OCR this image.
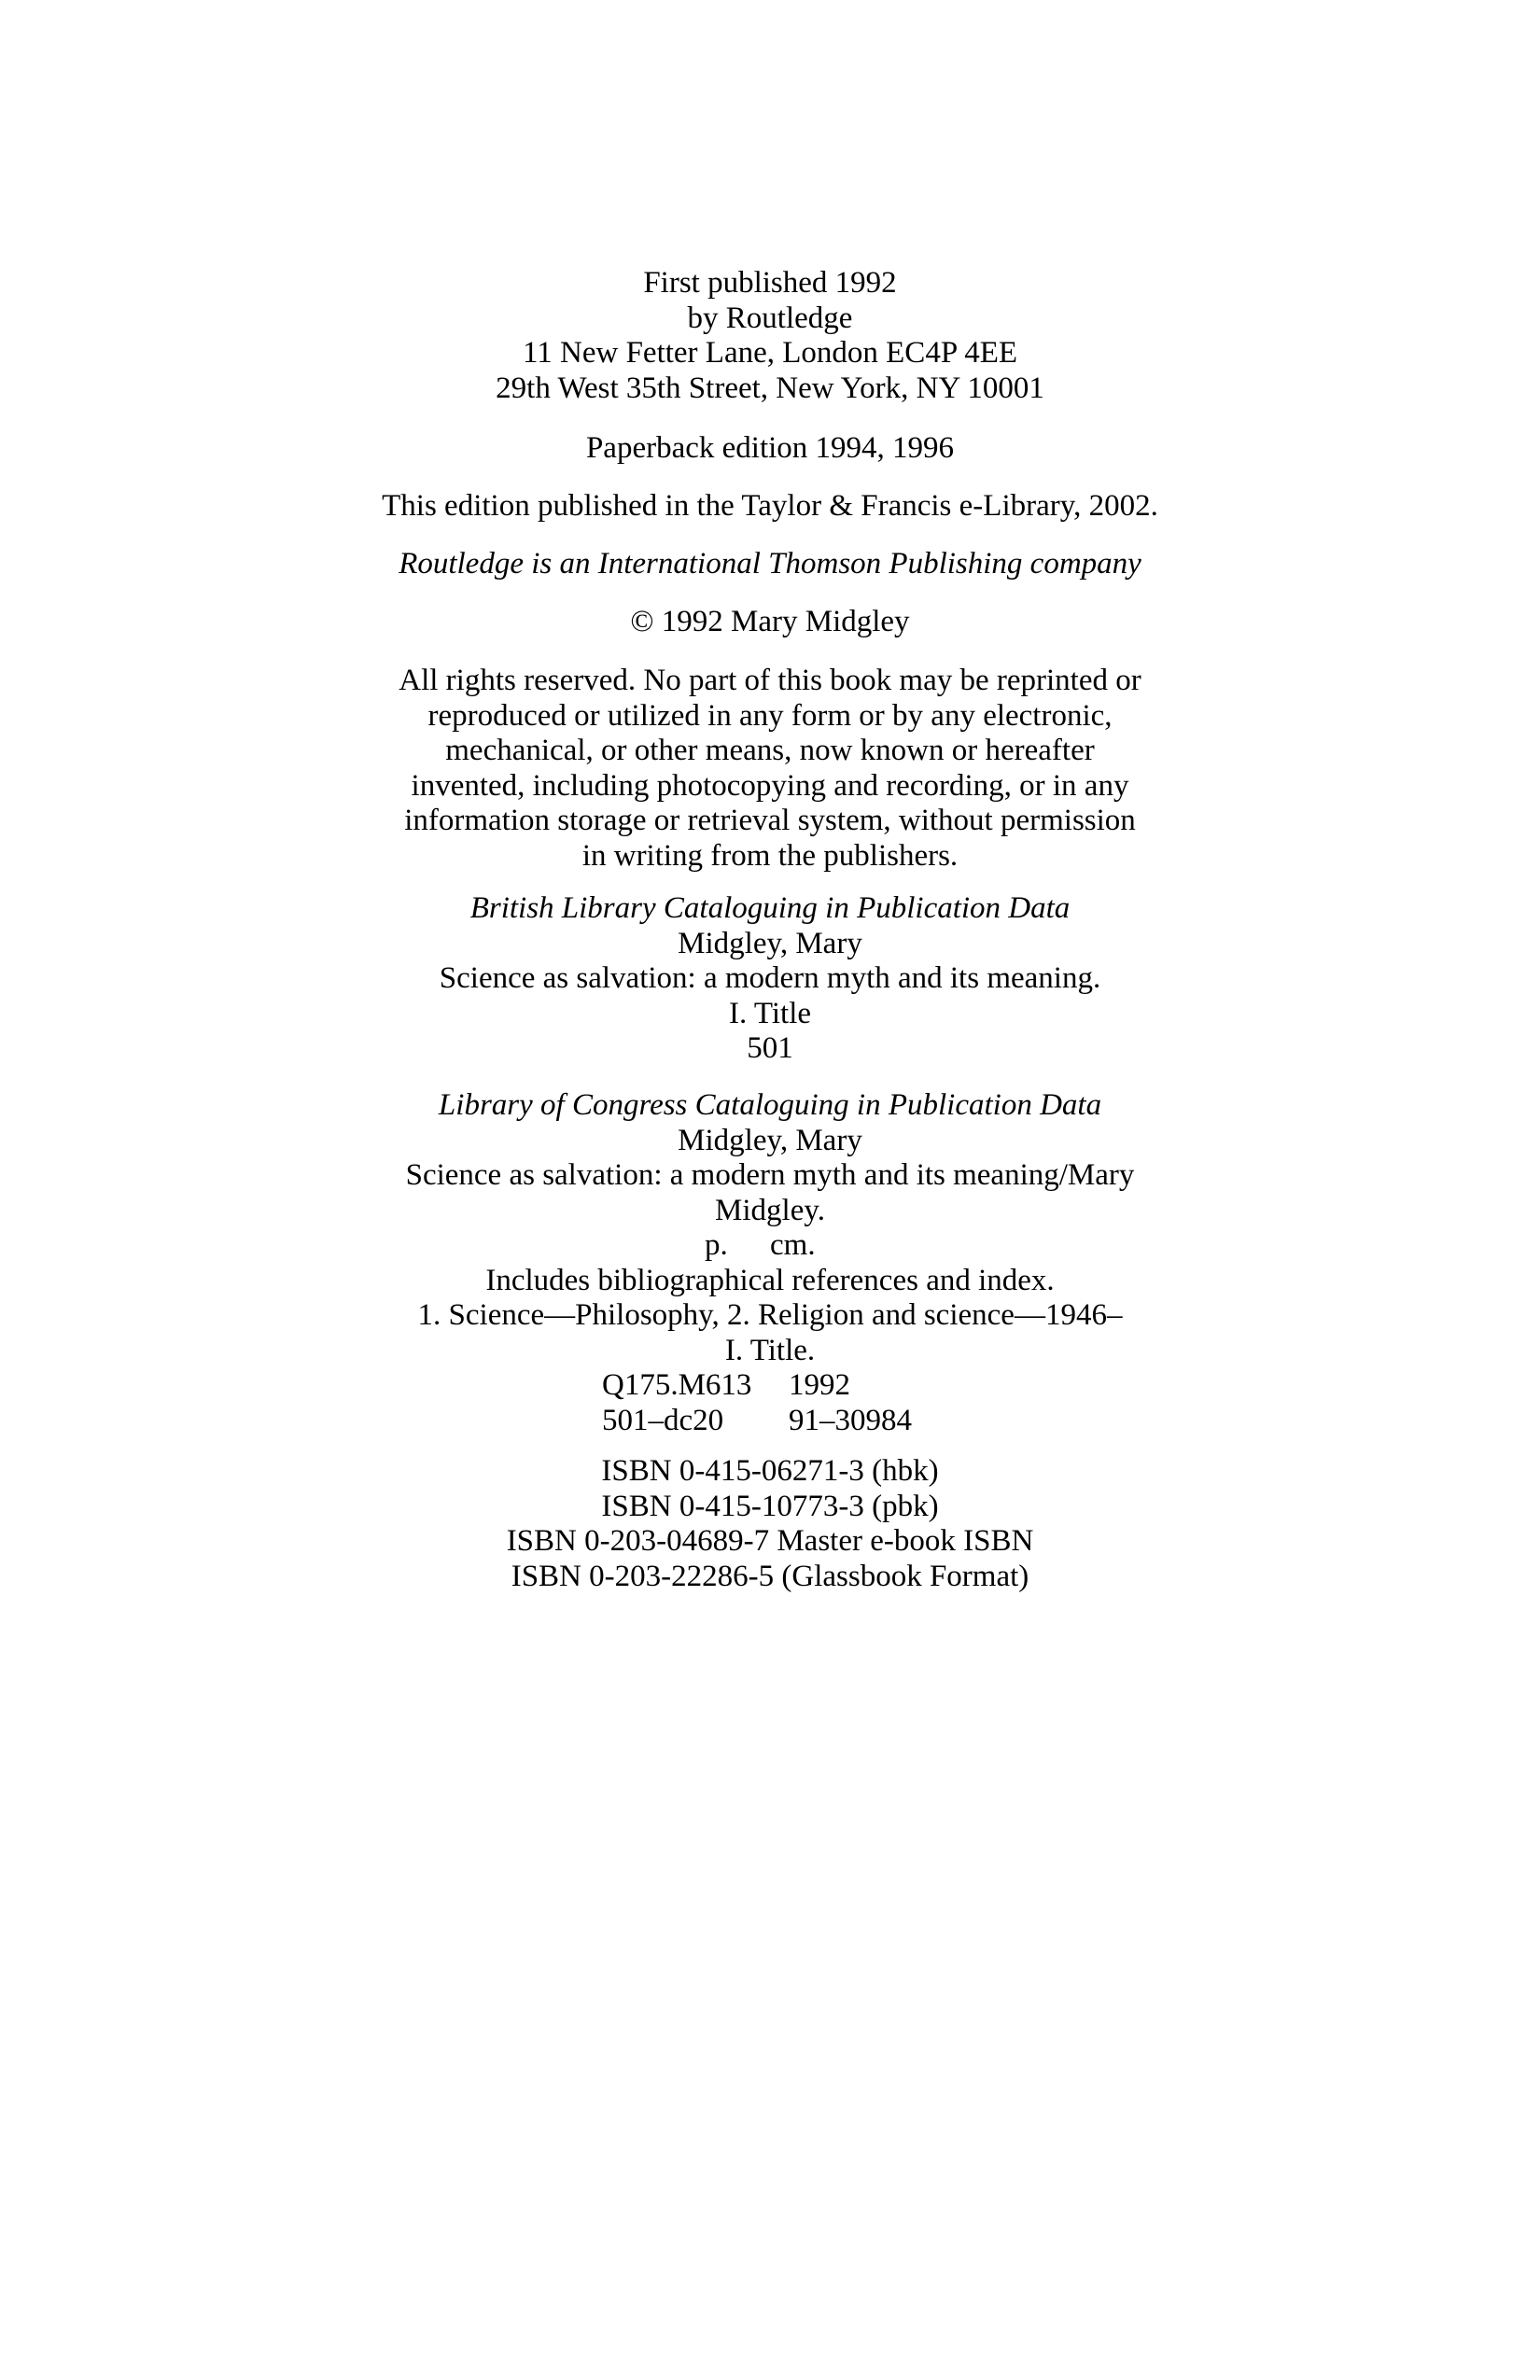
First published 1992
by Routledge
11 New Fetter Lane, London EC4P 4EE
29th West 35th Street, New York, NY 10001
Paperback edition 1994, 1996
This edition published in the Taylor & Francis e-Library, 2002.
Routledge is an International Thomson Publishing company
© 1992 Mary Midgley
All rights reserved. No part of this book may be reprinted or
reproduced or utilized in any form or by any electronic,
mechanical, or other means, now known or hereafter
invented, including photocopying and recording, or in any
information storage or retrieval system, without permission
in writing from the publishers.
British Library Cataloguing in Publication Data
Midgley, Mary
Science as salvation: a modern myth and its meaning.
I. Title
501
Library of Congress Cataloguing in Publication Data
Midgley, Mary
Science as salvation: a modern myth and its meaning/Mary
Midgley.
p.	cm.
Includes bibliographical references and index.
1. Science—Philosophy, 2. Religion and science—1946–
I. Title.
Q175.M613	1992
501–dc20	91–30984
ISBN 0-415-06271-3 (hbk)
ISBN 0-415-10773-3 (pbk)
ISBN 0-203-04689-7 Master e-book ISBN
ISBN 0-203-22286-5 (Glassbook Format)
